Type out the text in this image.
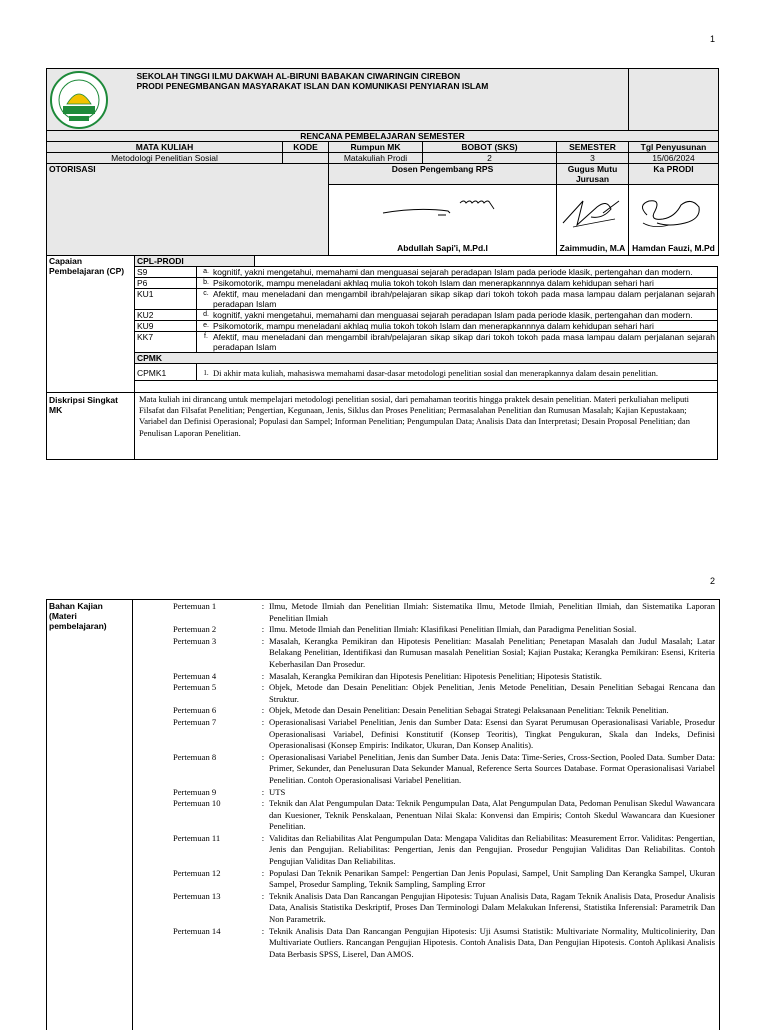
1

SEKOLAH TINGGI ILMU DAKWAH AL-BIRUNI BABAKAN CIWARINGIN CIREBON
PRODI PENEGMBANGAN MASYARAKAT ISLAN DAN KOMUNIKASI PENYIARAN ISLAM					

RENCANA PEMBELAJARAN SEMESTER						
MATA KULIAH		KODE	Rumpun MK	BOBOT (SKS)	SEMESTER	Tgl Penyusunan
Metodologi Penelitian Sosial			Matakuliah Prodi	2	3	15/06/2024
OTORISASI			Dosen Pengembang RPS		Gugus Mutu Jurusan	Ka PRODI

			Abdullah Sapi'i, M.Pd.I		Zaimmudin, M.A	Hamdan Fauzi, M.Pd
Capaian Pembelajaran (CP)	CPL-PRODI		
	S9	a. kognitif, yakni mengetahui, memahami dan menguasai sejarah peradapan Islam pada periode klasik, pertengahan dan modern.	

	P6	b. Psikomotorik, mampu meneladani akhlaq mulia tokoh tokoh Islam dan menerapkannnya dalam kehidupan sehari hari	

	KU1	c. Afektif, mau meneladani dan mengambil ibrah/pelajaran sikap sikap dari tokoh tokoh pada masa lampau dalam perjalanan sejarah peradapan Islam	

	KU2	d. kognitif, yakni mengetahui, memahami dan menguasai sejarah peradapan Islam pada periode klasik, pertengahan dan modern.	

	KU9	e. Psikomotorik, mampu meneladani akhlaq mulia tokoh tokoh Islam dan menerapkannnya dalam kehidupan sehari hari	

	KK7	f. Afektif, mau meneladani dan mengambil ibrah/pelajaran sikap sikap dari tokoh tokoh pada masa lampau dalam perjalanan sejarah peradapan Islam	

	CPMK		
	CPMK1	1. Di akhir mata kuliah, mahasiswa memahami dasar-dasar metodologi penelitian sosial dan menerapkannya dalam desain penelitian.	

Diskripsi Singkat MK	Mata kuliah ini dirancang untuk mempelajari metodologi penelitian sosial, dari pemahaman teoritis hingga praktek desain penelitian. Materi perkuliahan meliputi Filsafat dan Filsafat Penelitian; Pengertian, Kegunaan, Jenis, Siklus dan Proses Penelitian; Permasalahan Penelitian dan Rumusan Masalah; Kajian Kepustakaan; Variabel dan Definisi Operasional; Populasi dan Sampel; Informan Penelitian; Pengumpulan Data; Analisis Data dan Interpretasi; Desain Proposal Penelitian; dan Penulisan Laporan Penelitian.		
2
Bahan Kajian (Materi pembelajaran)
Pertemuan 1	: Ilmu, Metode Ilmiah dan Penelitian Ilmiah: Sistematika Ilmu, Metode Ilmiah, Penelitian Ilmiah, dan Sistematika Laporan Penelitian Ilmiah
Pertemuan 2	: Ilmu. Metode Ilmiah dan Penelitian Ilmiah: Klasifikasi Penelitian Ilmiah, dan Paradigma Penelitian Sosial.
Pertemuan 3	: Masalah, Kerangka Pemikiran dan Hipotesis Penelitian: Masalah Penelitian; Penetapan Masalah dan Judul Masalah; Latar Belakang Penelitian, Identifikasi dan Rumusan masalah Penelitian Sosial; Kajian Pustaka; Kerangka Pemikiran: Esensi, Kriteria Keberhasilan Dan Prosedur.
Pertemuan 4	: Masalah, Kerangka Pemikiran dan Hipotesis Penelitian: Hipotesis Penelitian; Hipotesis Statistik.
Pertemuan 5	: Objek, Metode dan Desain Penelitian: Objek Penelitian, Jenis Metode Penelitian, Desain Penelitian Sebagai Rencana dan Struktur.
Pertemuan 6	: Objek, Metode dan Desain Penelitian: Desain Penelitian Sebagai Strategi Pelaksanaan Penelitian: Teknik Penelitian.
Pertemuan 7	: Operasionalisasi Variabel Penelitian, Jenis dan Sumber Data: Esensi dan Syarat Perumusan Operasionalisasi Variable, Prosedur Operasionalisasi Variabel, Definisi Konstitutif (Konsep Teoritis), Tingkat Pengukuran, Skala dan Indeks, Definisi Operasionalisasi (Konsep Empiris: Indikator, Ukuran, Dan Konsep Analitis).
Pertemuan 8	: Operasionalisasi Variabel Penelitian, Jenis dan Sumber Data. Jenis Data: Time-Series, Cross-Section, Pooled Data. Sumber Data: Primer, Sekunder, dan Penelusuran Data Sekunder Manual, Reference Serta Sources Database. Format Operasionalisasi Variabel Penelitian. Contoh Operasionalisasi Variabel Penelitian.
Pertemuan 9	: UTS
Pertemuan 10	: Teknik dan Alat Pengumpulan Data: Teknik Pengumpulan Data, Alat Pengumpulan Data, Pedoman Penulisan Skedul Wawancara dan Kuesioner, Teknik Penskalaan, Penentuan Nilai Skala: Konvensi dan Empiris; Contoh Skedul Wawancara dan Kuesioner Penelitian.
Pertemuan 11	: Validitas dan Reliabilitas Alat Pengumpulan Data: Mengapa Validitas dan Reliabilitas: Measurement Error. Validitas: Pengertian, Jenis dan Pengujian. Reliabilitas: Pengertian, Jenis dan Pengujian. Prosedur Pengujian Validitas Dan Reliabilitas. Contoh Pengujian Validitas Dan Reliabilitas.
Pertemuan 12	: Populasi Dan Teknik Penarikan Sampel: Pengertian Dan Jenis Populasi, Sampel, Unit Sampling Dan Kerangka Sampel, Ukuran Sampel, Prosedur Sampling, Teknik Sampling, Sampling Error
Pertemuan 13	: Teknik Analisis Data Dan Rancangan Pengujian Hipotesis: Tujuan Analisis Data, Ragam Teknik Analisis Data, Prosedur Analisis Data, Analisis Statistika Deskriptif, Proses Dan Terminologi Dalam Melakukan Inferensi, Statistika Inferensial: Parametrik Dan Non Parametrik.
Pertemuan 14	: Teknik Analisis Data Dan Rancangan Pengujian Hipotesis: Uji Asumsi Statistik: Multivariate Normality, Multicolinierity, Dan Multivariate Outliers. Rancangan Pengujian Hipotesis. Contoh Analisis Data, Dan Pengujian Hipotesis. Contoh Aplikasi Analisis Data Berbasis SPSS, Liserel, Dan AMOS.
